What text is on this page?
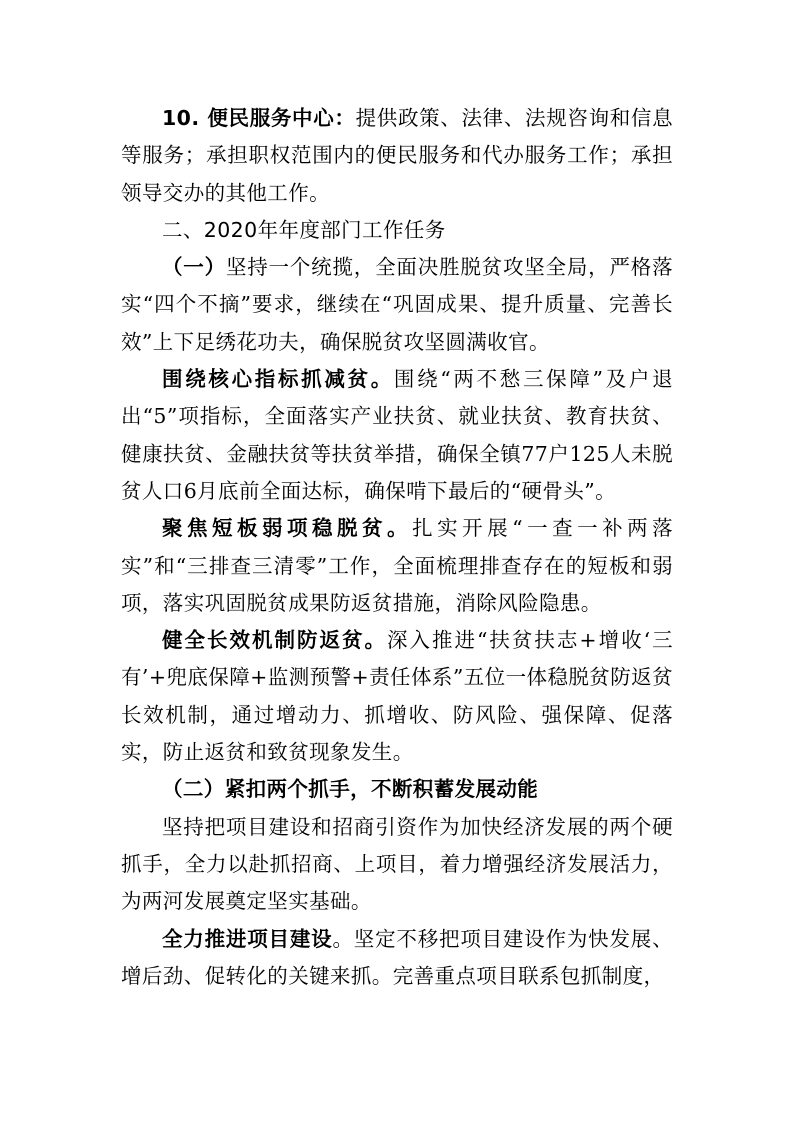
10. 便民服务中心：提供政策、法律、法规咨询和信息等服务；承担职权范围内的便民服务和代办服务工作；承担领导交办的其他工作。

二、2020年年度部门工作任务

（一）坚持一个统揽，全面决胜脱贫攻坚全局，严格落实“四个不摘”要求，继续在“巩固成果、提升质量、完善长效”上下足绣花功夫，确保脱贫攻坚圆满收官。

围绕核心指标抓减贫。围绕“两不愁三保障”及户退出“5”项指标，全面落实产业扶贫、就业扶贫、教育扶贫、健康扶贫、金融扶贫等扶贫举措，确保全镇77户125人未脱贫人口6月底前全面达标，确保啃下最后的“硬骨头”。

聚焦短板弱项稳脱贫。扎实开展“一查一补两落实”和“三排查三清零”工作，全面梳理排查存在的短板和弱项，落实巩固脱贫成果防返贫措施，消除风险隐患。

健全长效机制防返贫。深入推进“扶贫扶志+增收‘三有’+兜底保障+监测预警+责任体系”五位一体稳脱贫防返贫长效机制，通过增动力、抓增收、防风险、强保障、促落实，防止返贫和致贫现象发生。

（二）紧扣两个抓手，不断积蓄发展动能

坚持把项目建设和招商引资作为加快经济发展的两个硬抓手，全力以赴抓招商、上项目，着力增强经济发展活力，为两河发展奠定坚实基础。

全力推进项目建设。坚定不移把项目建设作为快发展、增后劲、促转化的关键来抓。完善重点项目联系包抓制度，
